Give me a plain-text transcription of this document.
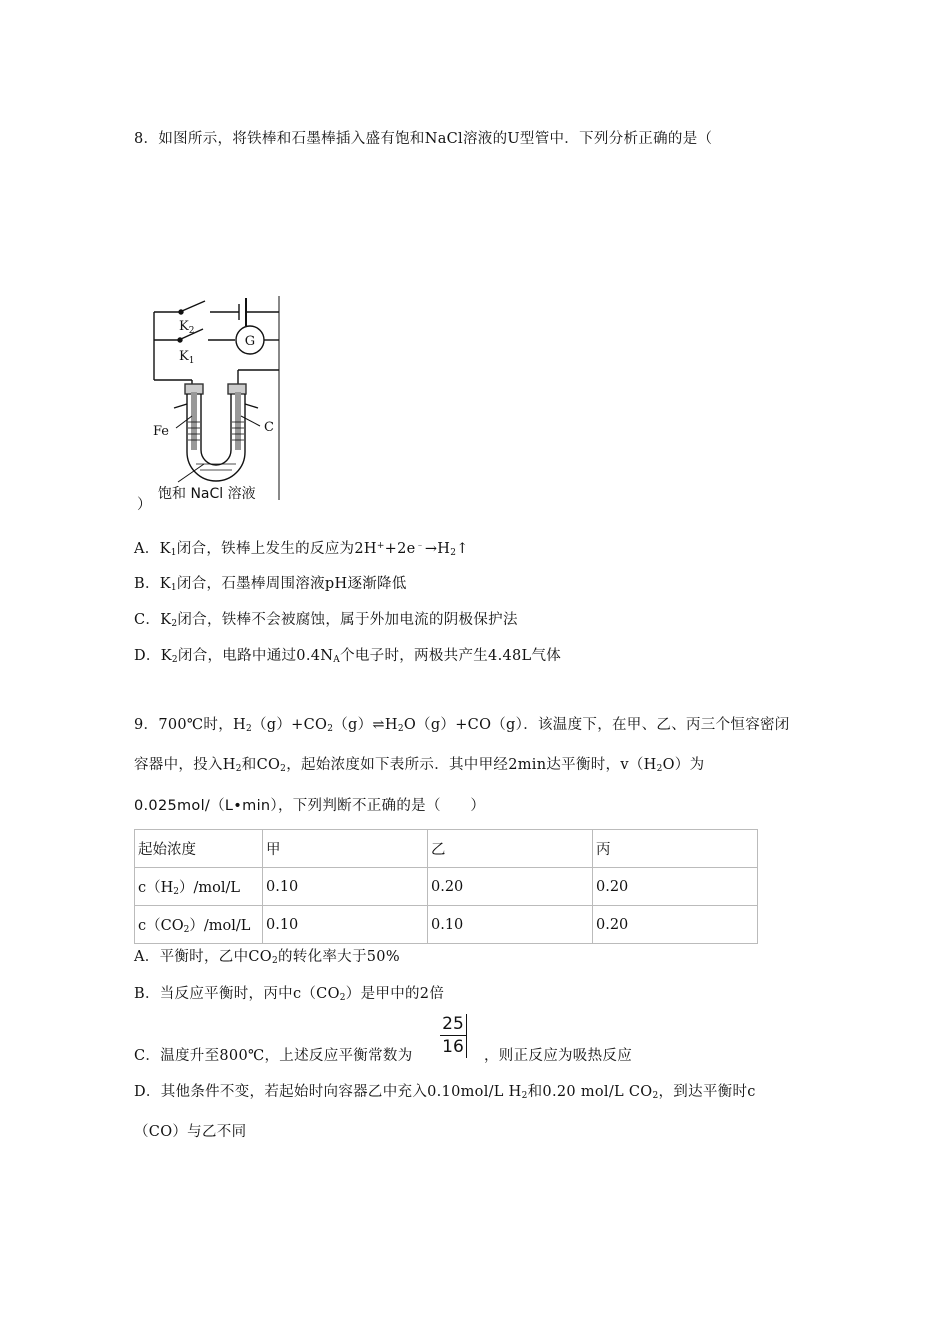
8．如图所示，将铁棒和石墨棒插入盛有饱和NaCl溶液的U型管中．下列分析正确的是（
$K_2$
$K_1$
G
Fe	C
饱和 NaCl 溶液
）
A．$K_1$闭合，铁棒上发生的反应为$2H^++2e^﹣\to H_2↑$
B．$K_1$闭合，石墨棒周围溶液pH逐渐降低
C．$K_2$闭合，铁棒不会被腐蚀，属于外加电流的阴极保护法
D．$K_2$闭合，电路中通过$0.4N_A$个电子时，两极共产生4.48L气体
9．700℃时，$H_2(g)+CO_2(g)\rightleftharpoons H_2O(g)+CO(g)$．该温度下，在甲、乙、丙三个恒容密闭
容器中，投入$H_2$和$CO_2$，起始浓度如下表所示．其中甲经2min达平衡时，$v(H_2O)$为
0.025mol/（L•min），下列判断不正确的是（　　）
起始浓度	甲	乙	丙
$c(H_2)/mol/L$	0.10	0.20	0.20
$c(CO_2)/mol/L$	0.10	0.10	0.20
A．平衡时，乙中$CO_2$的转化率大于50%
B．当反应平衡时，丙中$c(CO_2)$是甲中的2倍
C．温度升至800℃，上述反应平衡常数为
25
16 ，则正反应为吸热反应
D．其他条件不变，若起始时向容器乙中充入0.10mol/L $H_2$和0.20 mol/L $CO_2$，到达平衡时c
（CO）与乙不同
